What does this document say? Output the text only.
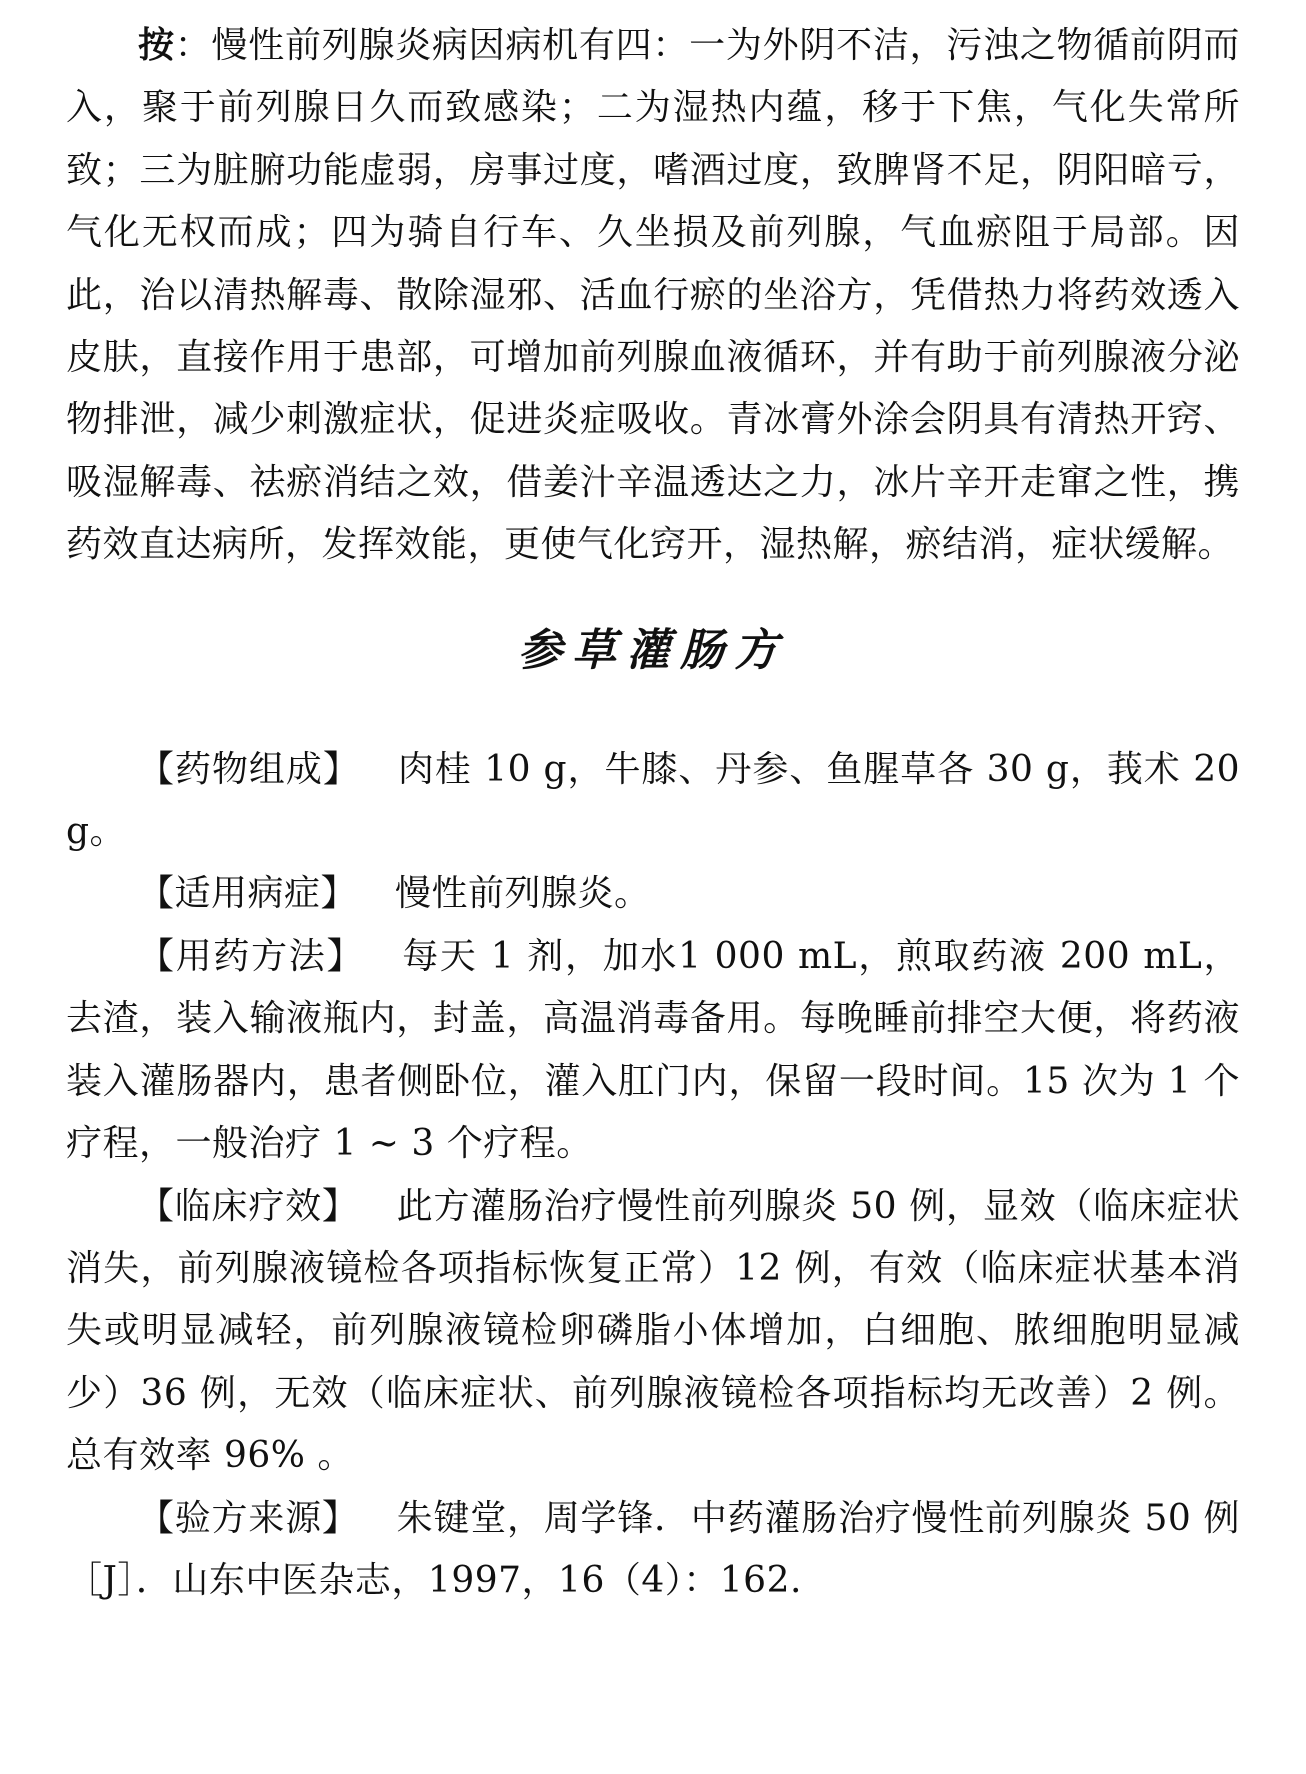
按：慢性前列腺炎病因病机有四：一为外阴不洁，污浊之物循前阴而入，聚于前列腺日久而致感染；二为湿热内蕴，移于下焦，气化失常所致；三为脏腑功能虚弱，房事过度，嗜酒过度，致脾肾不足，阴阳暗亏，气化无权而成；四为骑自行车、久坐损及前列腺，气血瘀阻于局部。因此，治以清热解毒、散除湿邪、活血行瘀的坐浴方，凭借热力将药效透入皮肤，直接作用于患部，可增加前列腺血液循环，并有助于前列腺液分泌物排泄，减少刺激症状，促进炎症吸收。青冰膏外涂会阴具有清热开窍、吸湿解毒、祛瘀消结之效，借姜汁辛温透达之力，冰片辛开走窜之性，携药效直达病所，发挥效能，更使气化窍开，湿热解，瘀结消，症状缓解。

参草灌肠方

【药物组成】 肉桂 10 g，牛膝、丹参、鱼腥草各 30 g，莪术 20 g。

【适用病症】 慢性前列腺炎。

【用药方法】 每天 1 剂，加水1 000 mL，煎取药液 200 mL，去渣，装入输液瓶内，封盖，高温消毒备用。每晚睡前排空大便，将药液装入灌肠器内，患者侧卧位，灌入肛门内，保留一段时间。15 次为 1 个疗程，一般治疗 1 ~ 3 个疗程。

【临床疗效】 此方灌肠治疗慢性前列腺炎 50 例，显效（临床症状消失，前列腺液镜检各项指标恢复正常）12 例，有效（临床症状基本消失或明显减轻，前列腺液镜检卵磷脂小体增加，白细胞、脓细胞明显减少）36 例，无效（临床症状、前列腺液镜检各项指标均无改善）2 例。总有效率 96% 。

【验方来源】 朱键堂，周学锋．中药灌肠治疗慢性前列腺炎 50 例［J］．山东中医杂志，1997，16（4）：162.
